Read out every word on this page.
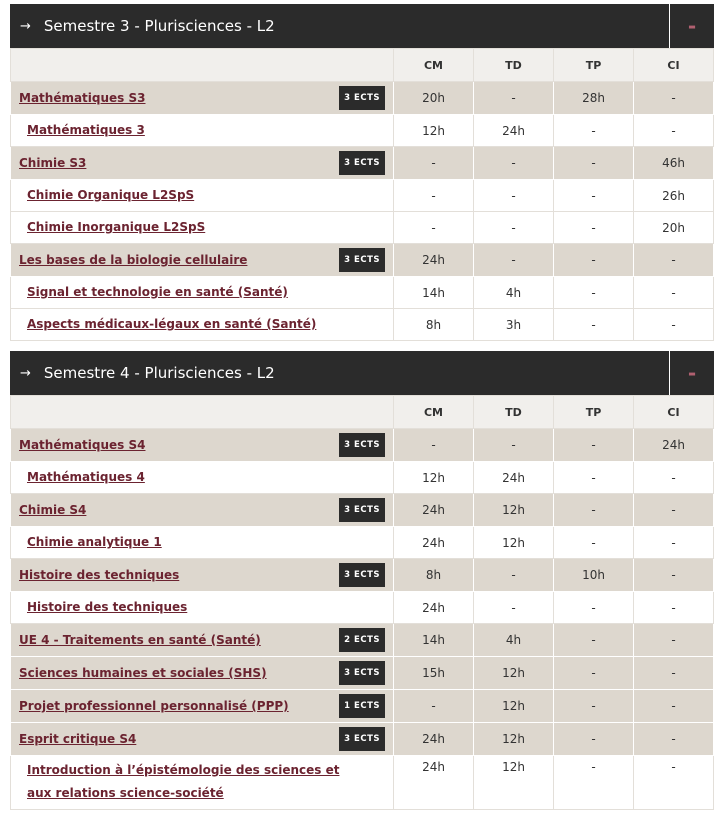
→ Semestre 3 - Plurisciences - L2	-
	CM	TD	TP	CI
Mathématiques S3 3 ECTS	20h	-	28h	-
Mathématiques 3	12h	24h	-	-
Chimie S3 3 ECTS	-	-	-	46h
Chimie Organique L2SpS	-	-	-	26h
Chimie Inorganique L2SpS	-	-	-	20h
Les bases de la biologie cellulaire 3 ECTS	24h	-	-	-
Signal et technologie en santé (Santé)	14h	4h	-	-
Aspects médicaux-légaux en santé (Santé)	8h	3h	-	-
→ Semestre 4 - Plurisciences - L2	-
	CM	TD	TP	CI
Mathématiques S4 3 ECTS	-	-	-	24h
Mathématiques 4	12h	24h	-	-
Chimie S4 3 ECTS	24h	12h	-	-
Chimie analytique 1	24h	12h	-	-
Histoire des techniques 3 ECTS	8h	-	10h	-
Histoire des techniques	24h	-	-	-
UE 4 - Traitements en santé (Santé) 2 ECTS	14h	4h	-	-
Sciences humaines et sociales (SHS) 3 ECTS	15h	12h	-	-
Projet professionnel personnalisé (PPP) 1 ECTS	-	12h	-	-
Esprit critique S4 3 ECTS	24h	12h	-	-
Introduction à l’épistémologie des sciences et aux relations science-société	24h	12h	-	-
